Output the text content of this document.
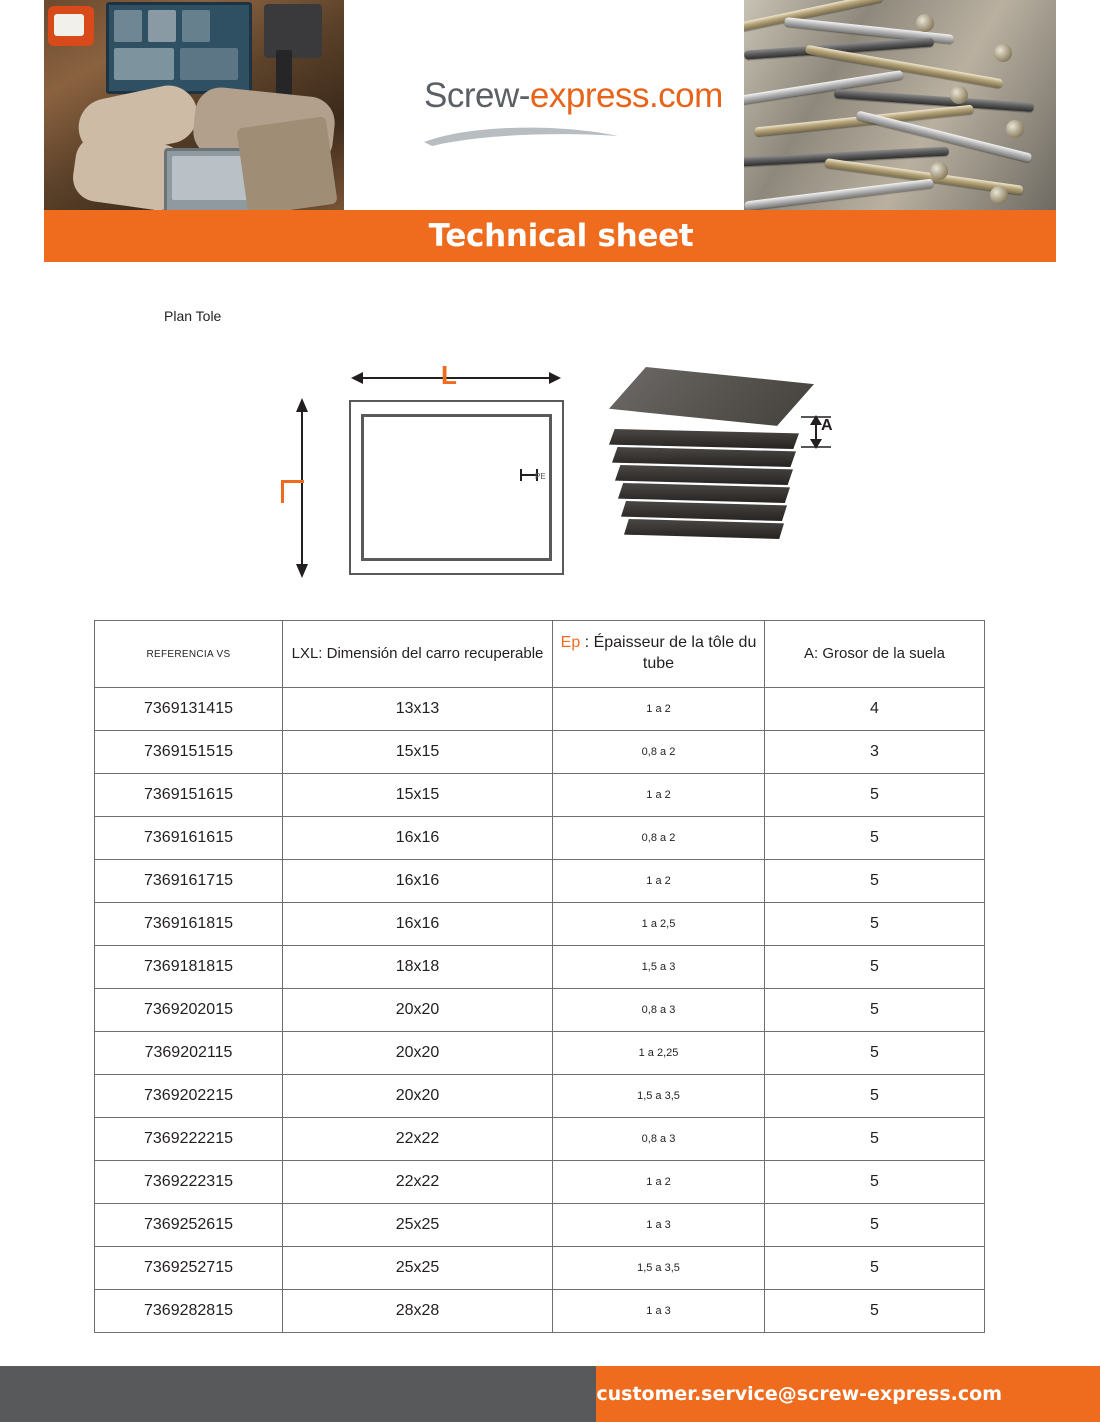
Screw-express.com
Technical sheet
Plan Tole
L
PE
A
REFERENCIA VS	LXL: Dimensión del carro recuperable	Ep : Épaisseur de la tôle du tube	A: Grosor de la suela
7369131415	13x13	1 a 2	4
7369151515	15x15	0,8 a 2	3
7369151615	15x15	1 a 2	5
7369161615	16x16	0,8 a 2	5
7369161715	16x16	1 a 2	5
7369161815	16x16	1 a 2,5	5
7369181815	18x18	1,5 a 3	5
7369202015	20x20	0,8 a 3	5
7369202115	20x20	1 a 2,25	5
7369202215	20x20	1,5 a 3,5	5
7369222215	22x22	0,8 a 3	5
7369222315	22x22	1 a 2	5
7369252615	25x25	1 a 3	5
7369252715	25x25	1,5 a 3,5	5
7369282815	28x28	1 a 3	5
customer.service@screw-express.com
